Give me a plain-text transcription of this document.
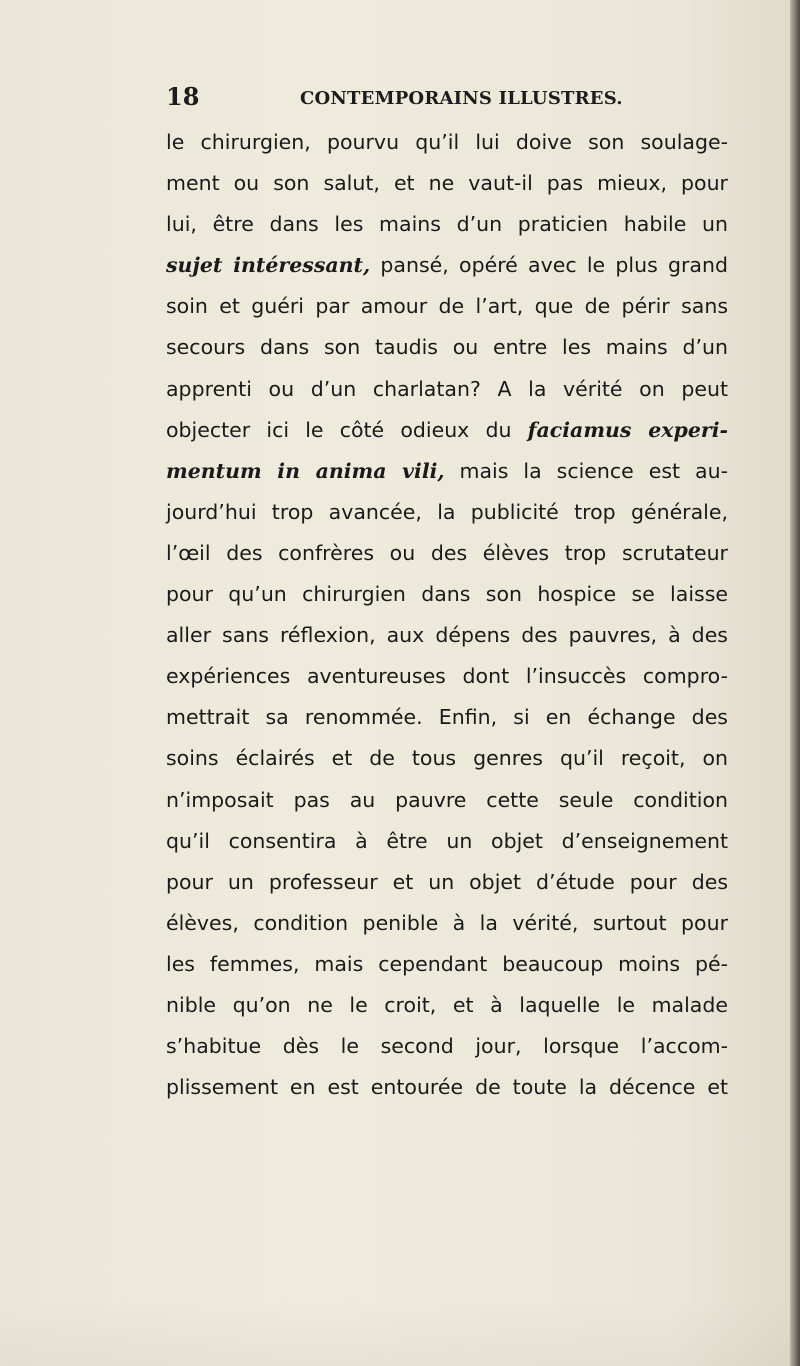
18	CONTEMPORAINS ILLUSTRES.
le chirurgien, pourvu qu’il lui doive son soulage-
ment ou son salut, et ne vaut-il pas mieux, pour
lui, être dans les mains d’un praticien habile un
sujet intéressant, pansé, opéré avec le plus grand
soin et guéri par amour de l’art, que de périr sans
secours dans son taudis ou entre les mains d’un
apprenti ou d’un charlatan? A la vérité on peut
objecter ici le côté odieux du faciamus experi-
mentum in anima vili, mais la science est au-
jourd’hui trop avancée, la publicité trop générale,
l’œil des confrères ou des élèves trop scrutateur
pour qu’un chirurgien dans son hospice se laisse
aller sans réflexion, aux dépens des pauvres, à des
expériences aventureuses dont l’insuccès compro-
mettrait sa renommée. Enfin, si en échange des
soins éclairés et de tous genres qu’il reçoit, on
n’imposait pas au pauvre cette seule condition
qu’il consentira à être un objet d’enseignement
pour un professeur et un objet d’étude pour des
élèves, condition penible à la vérité, surtout pour
les femmes, mais cependant beaucoup moins pé-
nible qu’on ne le croit, et à laquelle le malade
s’habitue dès le second jour, lorsque l’accom-
plissement en est entourée de toute la décence et
